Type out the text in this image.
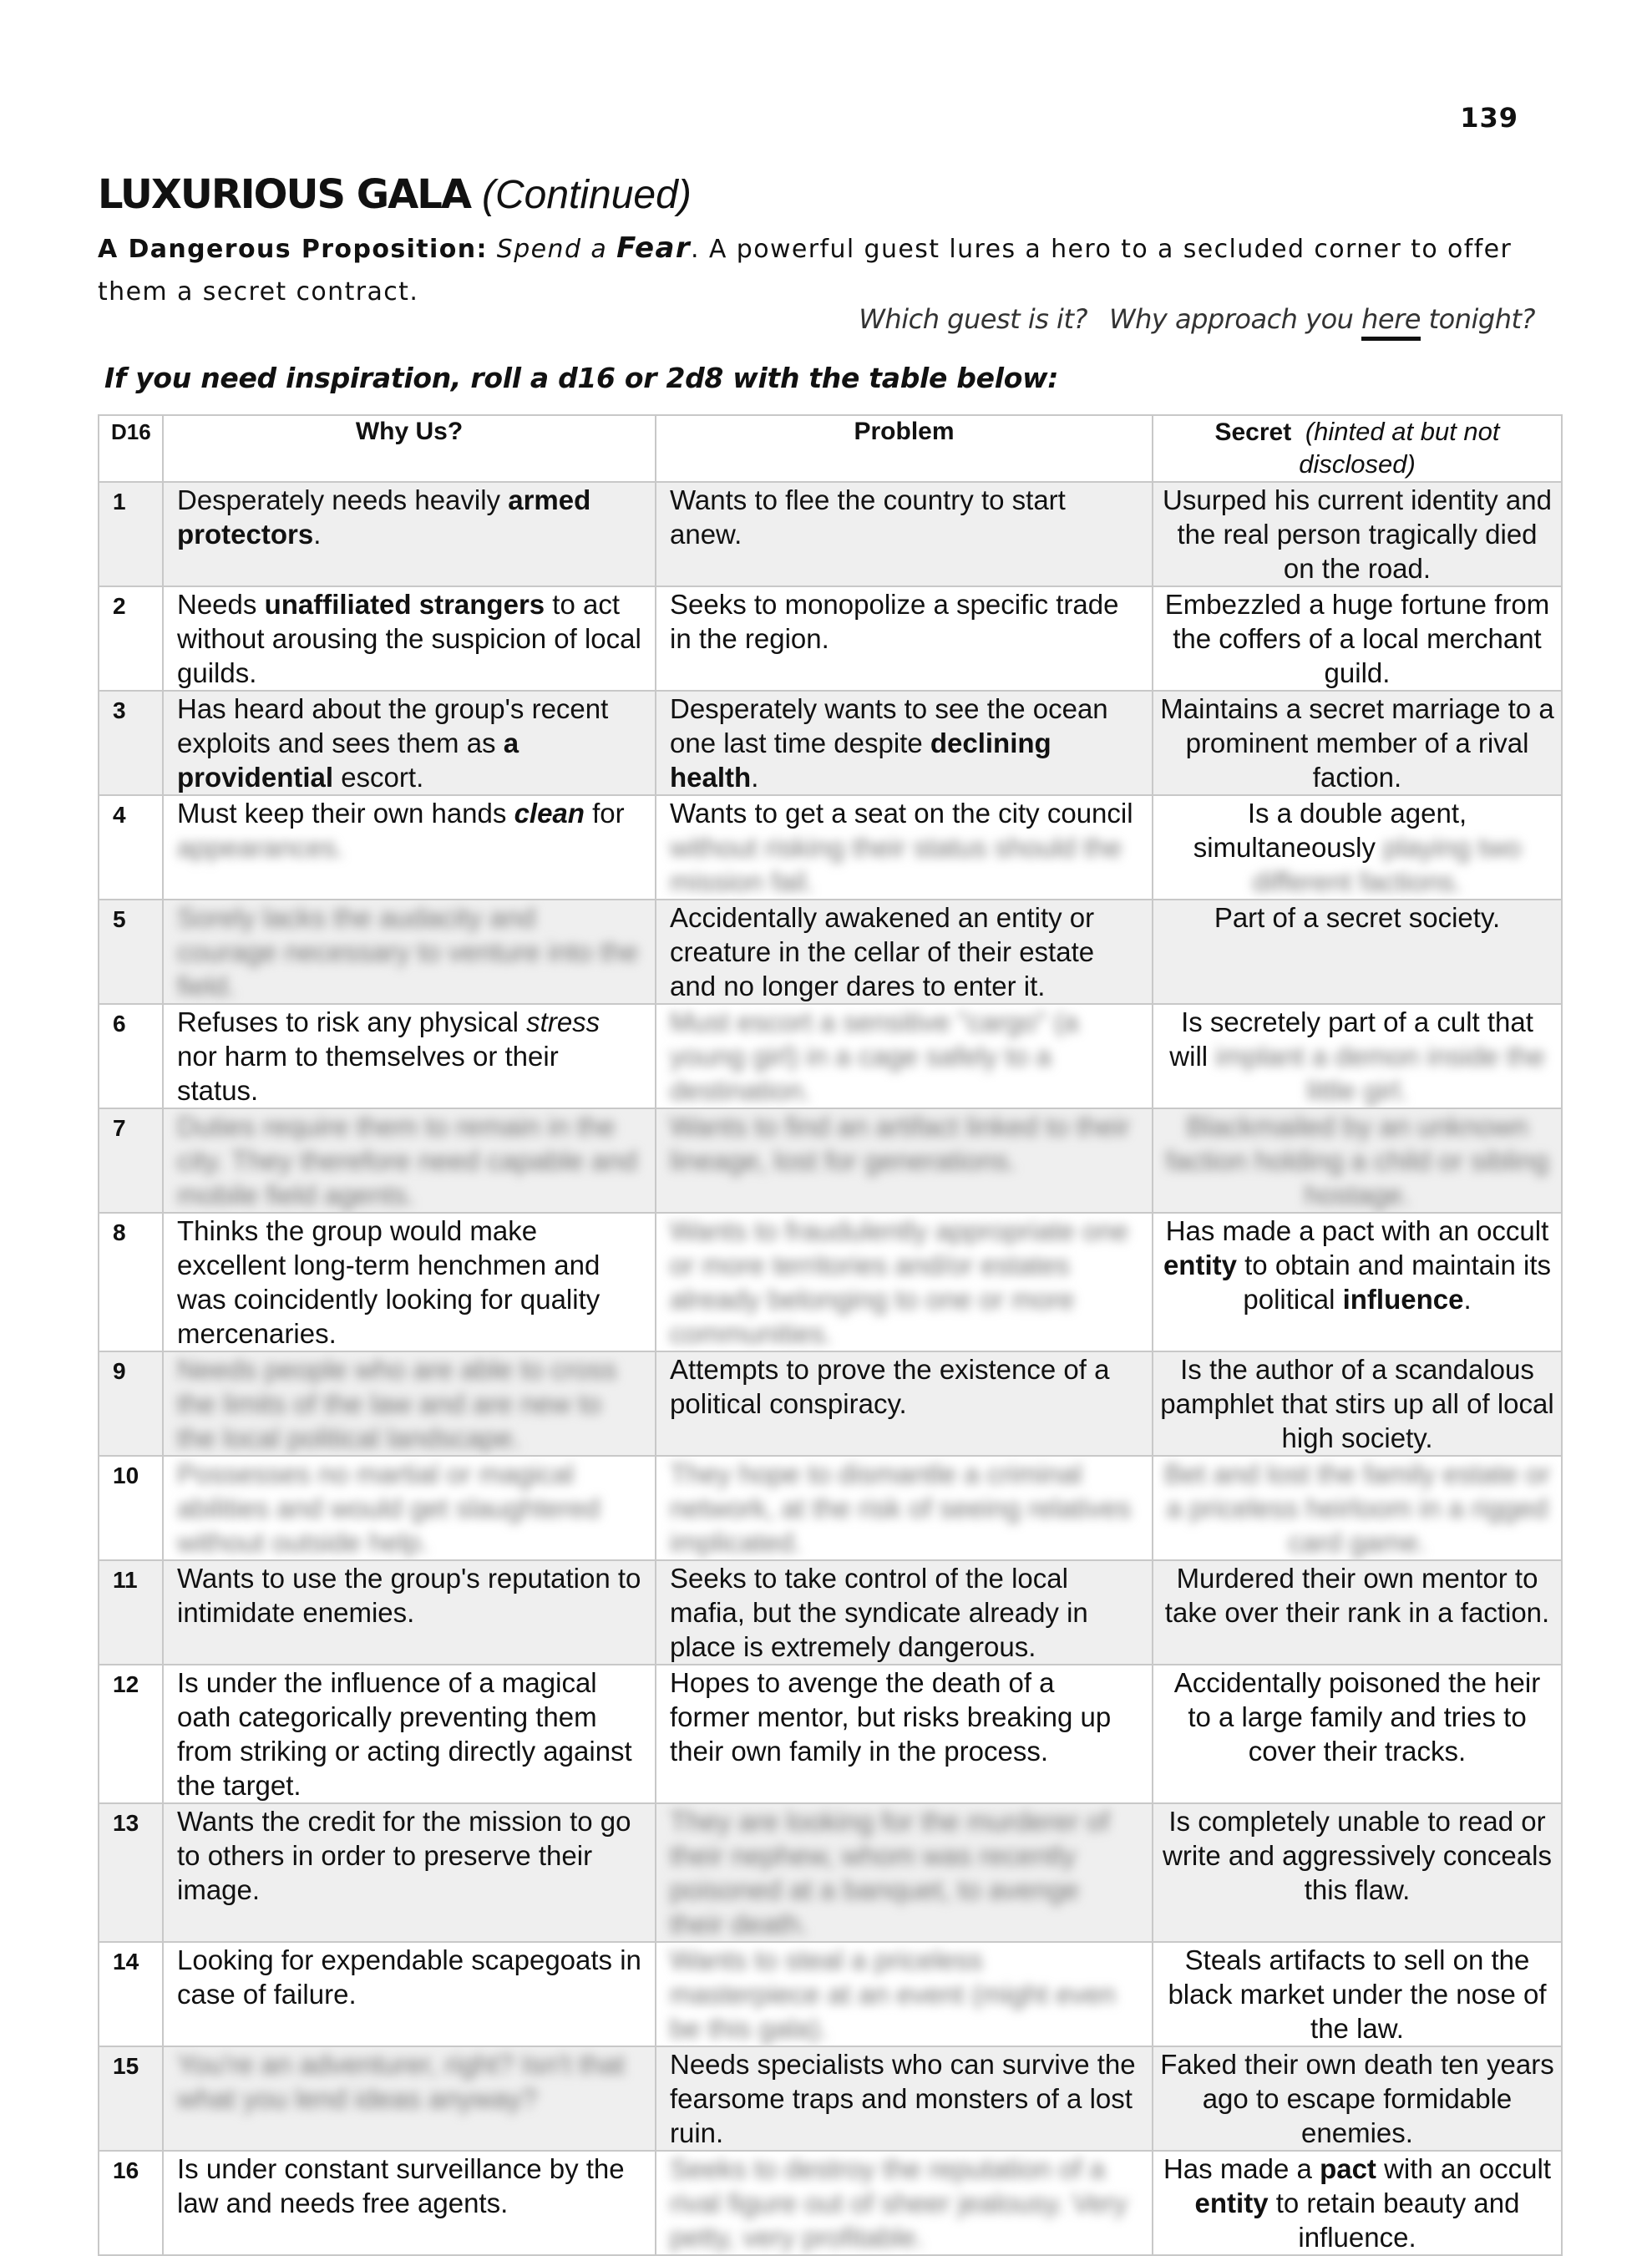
139
LUXURIOUS GALA (Continued)
A Dangerous Proposition: Spend a Fear. A powerful guest lures a hero to a secluded corner to offer them a secret contract.
Which guest is it? Why approach you here tonight?
If you need inspiration, roll a d16 or 2d8 with the table below:
D16	Why Us?	Problem	Secret (hinted at but not disclosed)
1	Desperately needs heavily armed protectors.	Wants to flee the country to start anew.	Usurped his current identity and the real person tragically died on the road.
2	Needs unaffiliated strangers to act without arousing the suspicion of local guilds.	Seeks to monopolize a specific trade in the region.	Embezzled a huge fortune from the coffers of a local merchant guild.
3	Has heard about the group's recent exploits and sees them as a providential escort.	Desperately wants to see the ocean one last time despite declining health.	Maintains a secret marriage to a prominent member of a rival faction.
4	Must keep their own hands clean for appearances.	Wants to get a seat on the city council without risking their status should the mission fail.	Is a double agent, simultaneously playing two different factions.
5	Sorely lacks the audacity and courage necessary to venture into the field.	Accidentally awakened an entity or creature in the cellar of their estate and no longer dares to enter it.	Part of a secret society.
6	Refuses to risk any physical stress nor harm to themselves or their status.	Must escort a sensitive "cargo" (a young girl) in a cage safely to a destination.	Is secretely part of a cult that will implant a demon inside the little girl.
7	Duties require them to remain in the city. They therefore need capable and mobile field agents.	Wants to find an artifact linked to their lineage, lost for generations.	Blackmailed by an unknown faction holding a child or sibling hostage.
8	Thinks the group would make excellent long-term henchmen and was coincidently looking for quality mercenaries.	Wants to fraudulently appropriate one or more territories and/or estates already belonging to one or more communities.	Has made a pact with an occult entity to obtain and maintain its political influence.
9	Needs people who are able to cross the limits of the law and are new to the local political landscape.	Attempts to prove the existence of a political conspiracy.	Is the author of a scandalous pamphlet that stirs up all of local high society.
10	Possesses no martial or magical abilities and would get slaughtered without outside help.	They hope to dismantle a criminal network, at the risk of seeing relatives implicated.	Bet and lost the family estate or a priceless heirloom in a rigged card game.
11	Wants to use the group's reputation to intimidate enemies.	Seeks to take control of the local mafia, but the syndicate already in place is extremely dangerous.	Murdered their own mentor to take over their rank in a faction.
12	Is under the influence of a magical oath categorically preventing them from striking or acting directly against the target.	Hopes to avenge the death of a former mentor, but risks breaking up their own family in the process.	Accidentally poisoned the heir to a large family and tries to cover their tracks.
13	Wants the credit for the mission to go to others in order to preserve their image.	They are looking for the murderer of their nephew, whom was recently poisoned at a banquet, to avenge their death.	Is completely unable to read or write and aggressively conceals this flaw.
14	Looking for expendable scapegoats in case of failure.	Wants to steal a priceless masterpiece at an event (might even be this gala).	Steals artifacts to sell on the black market under the nose of the law.
15	You're an adventurer, right? Isn't that what you lend ideas anyway?	Needs specialists who can survive the fearsome traps and monsters of a lost ruin.	Faked their own death ten years ago to escape formidable enemies.
16	Is under constant surveillance by the law and needs free agents.	Seeks to destroy the reputation of a rival figure out of sheer jealousy. Very petty, very profitable.	Has made a pact with an occult entity to retain beauty and influence.
